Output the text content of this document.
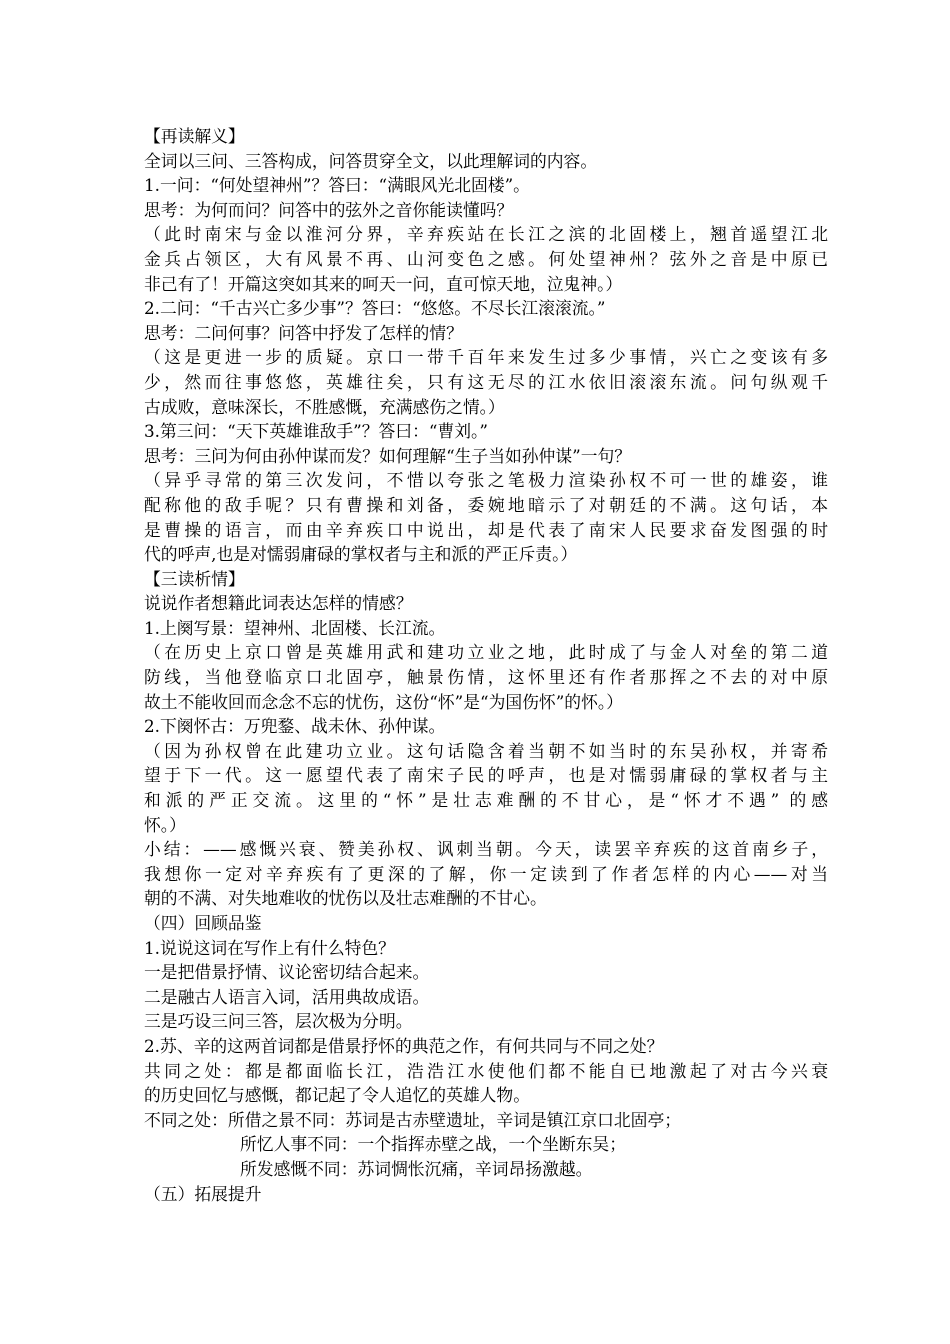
【再读解义】
全词以三问、三答构成，问答贯穿全文，以此理解词的内容。
1.一问：“何处望神州”？答曰：“满眼风光北固楼”。
思考：为何而问？问答中的弦外之音你能读懂吗？
（此时南宋与金以淮河分界，辛弃疾站在长江之滨的北固楼上，翘首遥望江北
金兵占领区，大有风景不再、山河变色之感。何处望神州？弦外之音是中原已
非己有了！开篇这突如其来的呵天一问，直可惊天地，泣鬼神。）
2.二问：“千古兴亡多少事”？答曰：“悠悠。不尽长江滚滚流。”
思考：二问何事？问答中抒发了怎样的情？
（这是更进一步的质疑。京口一带千百年来发生过多少事情，兴亡之变该有多
少，然而往事悠悠，英雄往矣，只有这无尽的江水依旧滚滚东流。问句纵观千
古成败，意味深长，不胜感慨，充满感伤之情。）
3.第三问：“天下英雄谁敌手”？答曰：“曹刘。”
思考：三问为何由孙仲谋而发？如何理解“生子当如孙仲谋”一句？
（异乎寻常的第三次发问，不惜以夸张之笔极力渲染孙权不可一世的雄姿，谁
配称他的敌手呢？只有曹操和刘备，委婉地暗示了对朝廷的不满。这句话，本
是曹操的语言，而由辛弃疾口中说出，却是代表了南宋人民要求奋发图强的时
代的呼声,也是对懦弱庸碌的掌权者与主和派的严正斥责。）
【三读析情】
说说作者想籍此词表达怎样的情感？
1.上阕写景：望神州、北固楼、长江流。
（在历史上京口曾是英雄用武和建功立业之地，此时成了与金人对垒的第二道
防线，当他登临京口北固亭，触景伤情，这怀里还有作者那挥之不去的对中原
故土不能收回而念念不忘的忧伤，这份“怀”是“为国伤怀”的怀。）
2.下阕怀古：万兜鍪、战未休、孙仲谋。
（因为孙权曾在此建功立业。这句话隐含着当朝不如当时的东吴孙权，并寄希
望于下一代。这一愿望代表了南宋子民的呼声，也是对懦弱庸碌的掌权者与主
和派的严正交流。这里的“怀”是壮志难酬的不甘心，是“怀才不遇” 的感
怀。）
小结：——感慨兴衰、赞美孙权、讽刺当朝。今天，读罢辛弃疾的这首南乡子，
我想你一定对辛弃疾有了更深的了解，你一定读到了作者怎样的内心——对当
朝的不满、对失地难收的忧伤以及壮志难酬的不甘心。
（四）回顾品鉴
1.说说这词在写作上有什么特色？
一是把借景抒情、议论密切结合起来。
二是融古人语言入词，活用典故成语。
三是巧设三问三答，层次极为分明。
2.苏、辛的这两首词都是借景抒怀的典范之作，有何共同与不同之处？
共同之处：都是都面临长江，浩浩江水使他们都不能自已地激起了对古今兴衰
的历史回忆与感慨，都记起了令人追忆的英雄人物。
不同之处：所借之景不同：苏词是古赤壁遗址，辛词是镇江京口北固亭；
所忆人事不同：一个指挥赤壁之战，一个坐断东吴；
所发感慨不同：苏词惆怅沉痛，辛词昂扬激越。
（五）拓展提升
